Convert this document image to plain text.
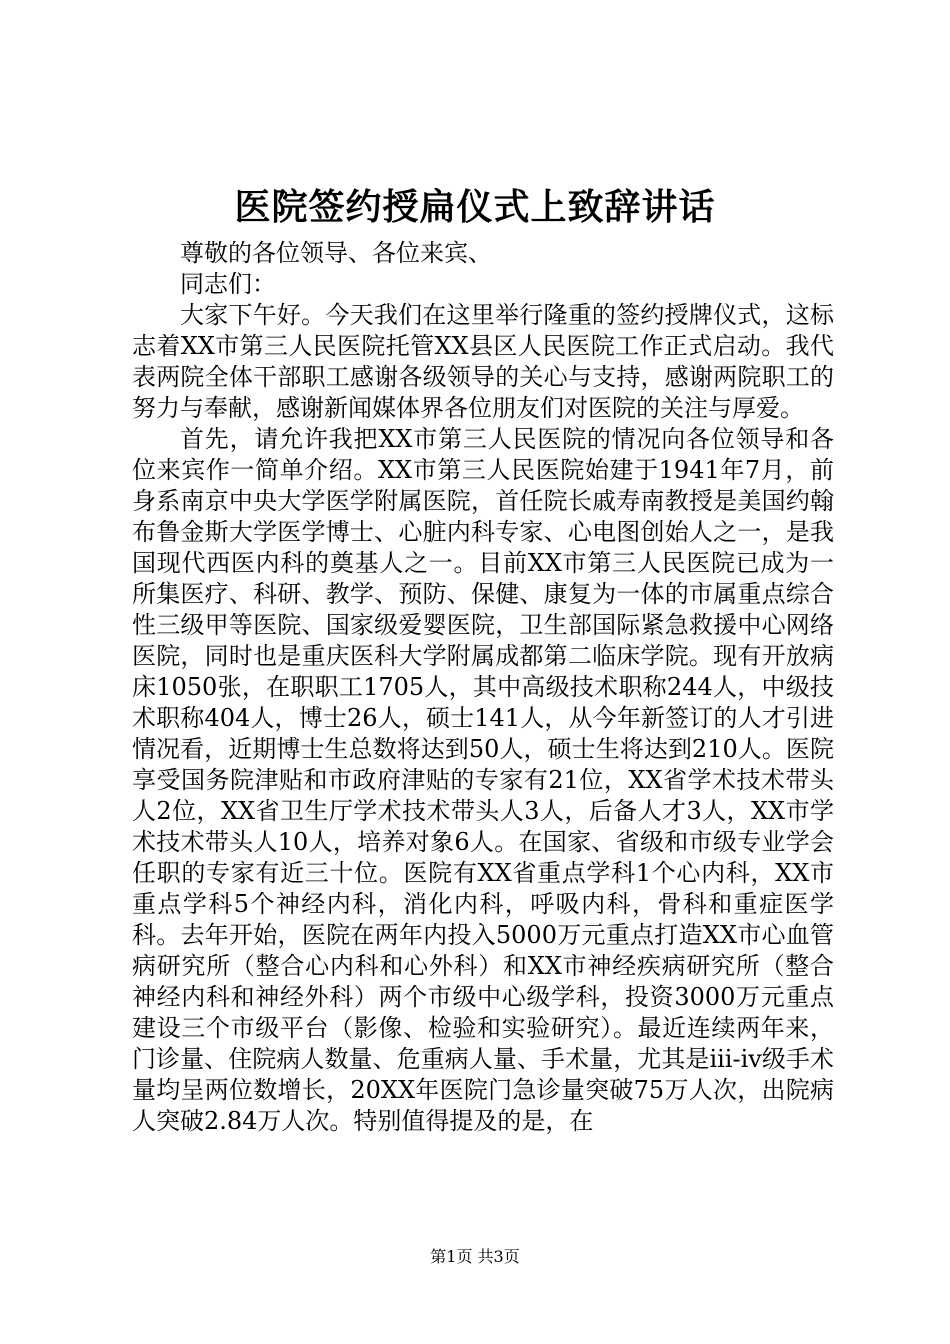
医院签约授扁仪式上致辞讲话

尊敬的各位领导、各位来宾、

同志们：

大家下午好。今天我们在这里举行隆重的签约授牌仪式，这标志着XX市第三人民医院托管XX县区人民医院工作正式启动。我代表两院全体干部职工感谢各级领导的关心与支持，感谢两院职工的努力与奉献，感谢新闻媒体界各位朋友们对医院的关注与厚爱。

首先，请允许我把XX市第三人民医院的情况向各位领导和各位来宾作一简单介绍。XX市第三人民医院始建于1941年7月，前身系南京中央大学医学附属医院，首任院长戚寿南教授是美国约翰布鲁金斯大学医学博士、心脏内科专家、心电图创始人之一，是我国现代西医内科的奠基人之一。目前XX市第三人民医院已成为一所集医疗、科研、教学、预防、保健、康复为一体的市属重点综合性三级甲等医院、国家级爱婴医院，卫生部国际紧急救援中心网络医院，同时也是重庆医科大学附属成都第二临床学院。现有开放病床1050张，在职职工1705人，其中高级技术职称244人，中级技术职称404人，博士26人，硕士141人，从今年新签订的人才引进情况看，近期博士生总数将达到50人，硕士生将达到210人。医院享受国务院津贴和市政府津贴的专家有21位，XX省学术技术带头人2位，XX省卫生厅学术技术带头人3人，后备人才3人，XX市学术技术带头人10人，培养对象6人。在国家、省级和市级专业学会任职的专家有近三十位。医院有XX省重点学科1个心内科，XX市重点学科5个神经内科，消化内科，呼吸内科，骨科和重症医学科。去年开始，医院在两年内投入5000万元重点打造XX市心血管病研究所（整合心内科和心外科）和XX市神经疾病研究所（整合神经内科和神经外科）两个市级中心级学科，投资3000万元重点建设三个市级平台（影像、检验和实验研究）。最近连续两年来，门诊量、住院病人数量、危重病人量、手术量，尤其是iii-iv级手术量均呈两位数增长，20XX年医院门急诊量突破75万人次，出院病人突破2.84万人次。特别值得提及的是，在

第1页 共3页
